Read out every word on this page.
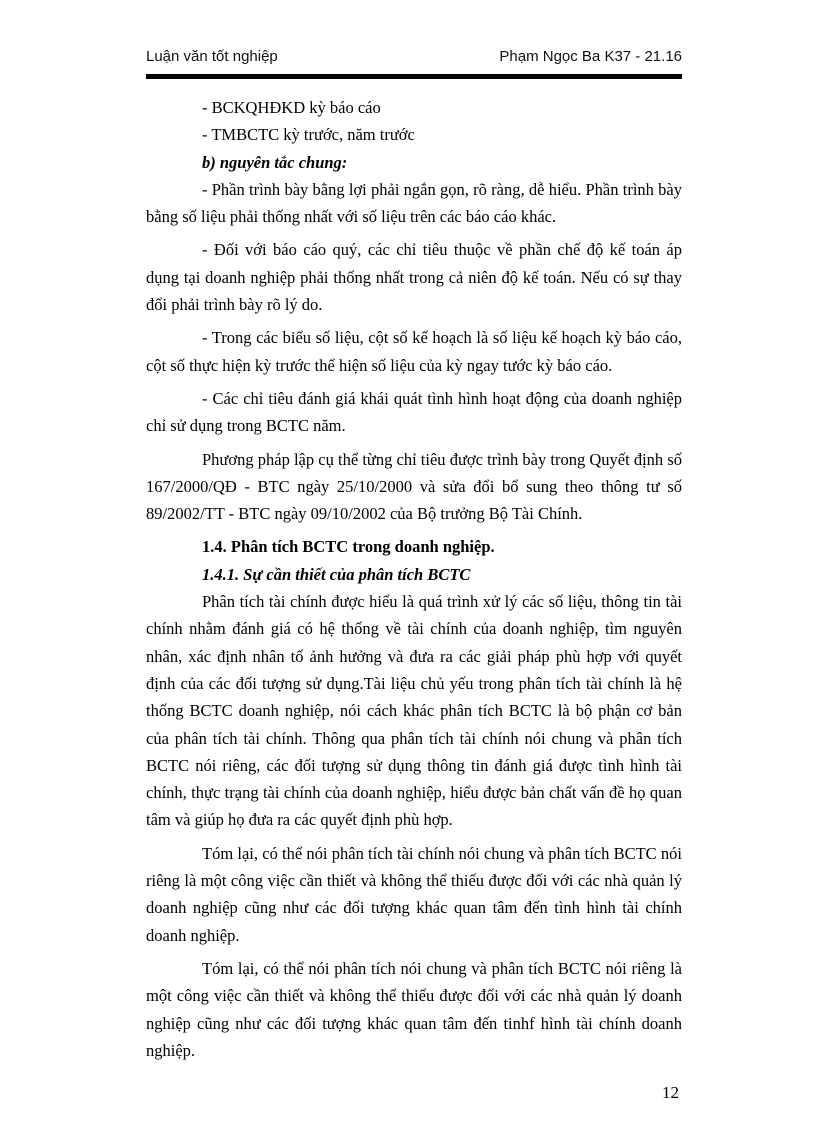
Luận văn tốt nghiệp	Phạm Ngọc Ba K37 - 21.16

- BCKQHĐKD kỳ báo cáo

- TMBCTC kỳ trước, năm trước

b) nguyên tắc chung:

- Phần trình bày bằng lợi phải ngắn gọn, rõ ràng, dễ hiểu. Phần trình bày bằng số liệu phải thống nhất với số liệu trên các báo cáo khác.

- Đối với báo cáo quý, các chỉ tiêu thuộc về phần chế độ kế toán áp dụng tại doanh nghiệp phải thống nhất trong cả niên độ kế toán. Nếu có sự thay đổi phải trình bày rõ lý do.

- Trong các biểu số liệu, cột số kế hoạch là số liệu kế hoạch kỳ báo cáo, cột số thực hiện kỳ trước thể hiện số liệu của kỳ ngay tước kỳ báo cáo.

- Các chỉ tiêu đánh giá khái quát tình hình hoạt động của doanh nghiệp chỉ sử dụng trong BCTC năm.

Phương pháp lập cụ thể từng chỉ tiêu được trình bày trong Quyết định số 167/2000/QĐ - BTC ngày 25/10/2000 và sửa đổi bổ sung theo thông tư số 89/2002/TT - BTC ngày 09/10/2002 của Bộ trưởng Bộ Tài Chính.

1.4. Phân tích BCTC trong doanh nghiệp.

1.4.1. Sự cần thiết của phân tích BCTC

Phân tích tài chính được hiểu là quá trình xử lý các số liệu, thông tin tài chính nhằm đánh giá có hệ thống về tài chính của doanh nghiệp, tìm nguyên nhân, xác định nhân tố ảnh hưởng và đưa ra các giải pháp phù hợp với quyết định của các đối tượng sử dụng.Tài liệu chủ yếu trong phân tích tài chính là hệ thống BCTC doanh nghiệp, nói cách khác phân tích BCTC là bộ phận cơ bản của phân tích tài chính. Thông qua phân tích tài chính nói chung và phân tích BCTC nói riêng, các đối tượng sử dụng thông tin đánh giá được tình hình tài chính, thực trạng tài chính của doanh nghiệp, hiểu được bản chất vấn đề họ quan tâm và giúp họ đưa ra các quyết định phù hợp.

Tóm lại, có thể nói phân tích tài chính nói chung và phân tích BCTC nói riêng là một công việc cần thiết và không thể thiếu được đối với các nhà quản lý doanh nghiệp cũng như các đối tượng khác quan tâm đến tình hình tài chính doanh nghiệp.

Tóm lại, có thể nói phân tích nói chung và phân tích BCTC nói riêng là một công việc cần thiết và không thể thiếu được đối với các nhà quản lý doanh nghiệp cũng như các đối tượng khác quan tâm đến tinhf hình tài chính doanh nghiệp.

12
